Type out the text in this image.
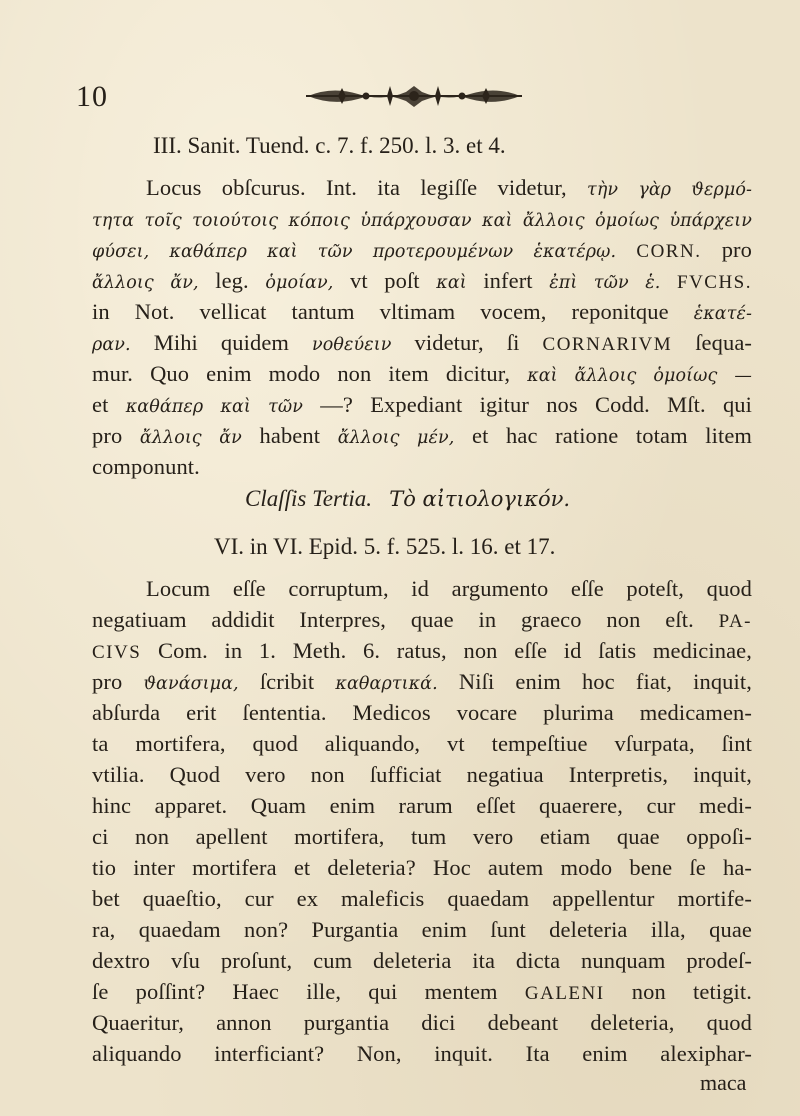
10
III. Sanit. Tuend. c. 7. f. 250. l. 3. et 4.
Locus obſcurus. Int. ita legiſſe videtur, τὴν γὰρ ϑερμό-
τητα τοῖς τοιούτοις κόποις ὑπάρχουσαν καὶ ἄλλοις ὁμοίως ὑπάρχειν
φύσει, καθάπερ καὶ τῶν προτερουμένων ἑκατέρῳ. CORN. pro
ἄλλοις ἄν, leg. ὁμοίαν, vt poſt καὶ infert ἐπὶ τῶν ἑ. FVCHS.
in Not. vellicat tantum vltimam vocem, reponitque ἑκατέ-
ραν. Mihi quidem νοθεύειν videtur, ſi CORNARIVM ſequa-
mur. Quo enim modo non item dicitur, καὶ ἄλλοις ὁμοίως —
et καθάπερ καὶ τῶν —? Expediant igitur nos Codd. Mſt. qui
pro ἄλλοις ἄν habent ἄλλοις μέν, et hac ratione totam litem
componunt.
Claſſis Tertia. Τὸ αἰτιολογικόν.
VI. in VI. Epid. 5. f. 525. l. 16. et 17.
Locum eſſe corruptum, id argumento eſſe poteſt, quod
negatiuam addidit Interpres, quae in graeco non eſt. PA-
CIVS Com. in 1. Meth. 6. ratus, non eſſe id ſatis medicinae,
pro ϑανάσιμα, ſcribit καθαρτικά. Niſi enim hoc fiat, inquit,
abſurda erit ſententia. Medicos vocare plurima medicamen-
ta mortifera, quod aliquando, vt tempeſtiue vſurpata, ſint
vtilia. Quod vero non ſufficiat negatiua Interpretis, inquit,
hinc apparet. Quam enim rarum eſſet quaerere, cur medi-
ci non apellent mortifera, tum vero etiam quae oppoſi-
tio inter mortifera et deleteria? Hoc autem modo bene ſe ha-
bet quaeſtio, cur ex maleficis quaedam appellentur mortife-
ra, quaedam non? Purgantia enim ſunt deleteria illa, quae
dextro vſu proſunt, cum deleteria ita dicta nunquam prodeſ-
ſe poſſint? Haec ille, qui mentem GALENI non tetigit.
Quaeritur, annon purgantia dici debeant deleteria, quod
aliquando interficiant? Non, inquit. Ita enim alexiphar-
maca
